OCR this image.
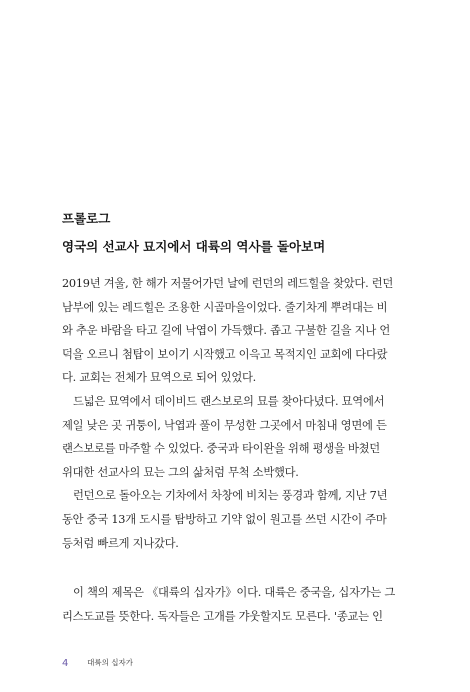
프롤로그
영국의 선교사 묘지에서 대륙의 역사를 돌아보며
2019년 겨울, 한 해가 저물어가던 날에 런던의 레드힐을 찾았다. 런던
남부에 있는 레드힐은 조용한 시골마을이었다. 줄기차게 뿌려대는 비
와 추운 바람을 타고 길에 낙엽이 가득했다. 좁고 구불한 길을 지나 언
덕을 오르니 첨탑이 보이기 시작했고 이윽고 목적지인 교회에 다다랐
다. 교회는 전체가 묘역으로 되어 있었다.
드넓은 묘역에서 데이비드 랜스보로의 묘를 찾아다녔다. 묘역에서
제일 낮은 곳 귀퉁이, 낙엽과 풀이 무성한 그곳에서 마침내 영면에 든
랜스보로를 마주할 수 있었다. 중국과 타이완을 위해 평생을 바쳤던
위대한 선교사의 묘는 그의 삶처럼 무척 소박했다.
런던으로 돌아오는 기차에서 차창에 비치는 풍경과 함께, 지난 7년
동안 중국 13개 도시를 탐방하고 기약 없이 원고를 쓰던 시간이 주마
등처럼 빠르게 지나갔다.
이 책의 제목은 《대륙의 십자가》이다. 대륙은 중국을, 십자가는 그
리스도교를 뜻한다. 독자들은 고개를 갸웃할지도 모른다. '종교는 인
4 대륙의 십자가
